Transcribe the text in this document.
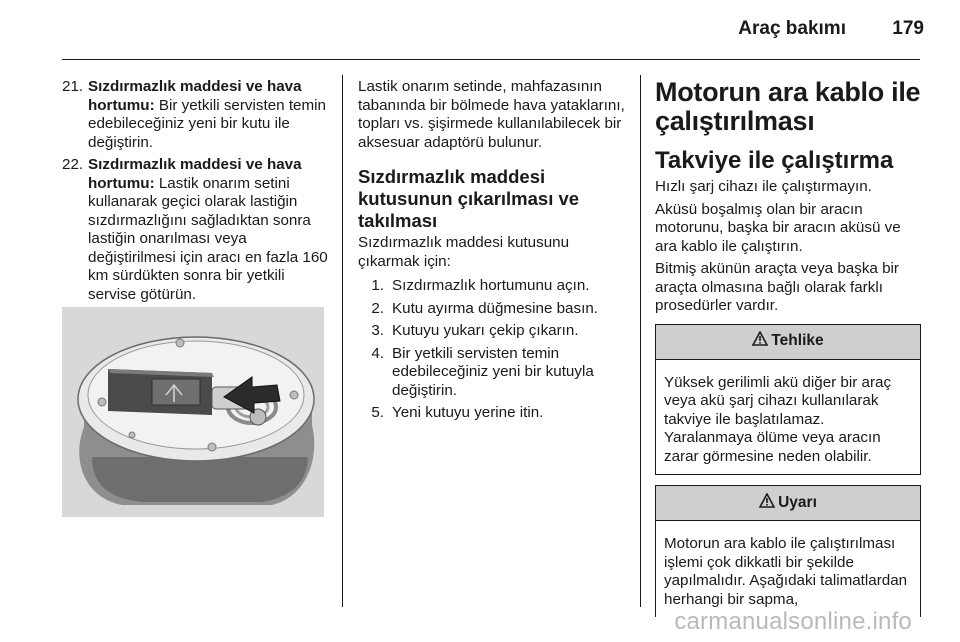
Araç bakımı	179
21. Sızdırmazlık maddesi ve hava hortumu: Bir yetkili servisten temin edebileceğiniz yeni bir kutu ile değiştirin.
22. Sızdırmazlık maddesi ve hava hortumu: Lastik onarım setini kullanarak geçici olarak lastiğin sızdırmazlığını sağladıktan sonra lastiğin onarılması veya değiştirilmesi için aracı en fazla 160 km sürdükten sonra bir yetkili servise götürün.

Lastik onarım setinde, mahfazasının tabanında bir bölmede hava yataklarını, topları vs. şişirmede kullanılabilecek bir aksesuar adaptörü bulunur.

Sızdırmazlık maddesi kutusunun çıkarılması ve takılması

Sızdırmazlık maddesi kutusunu çıkarmak için:

1. Sızdırmazlık hortumunu açın.
2. Kutu ayırma düğmesine basın.
3. Kutuyu yukarı çekip çıkarın.
4. Bir yetkili servisten temin edebileceğiniz yeni bir kutuyla değiştirin.
5. Yeni kutuyu yerine itin.
Motorun ara kablo ile çalıştırılması
Takviye ile çalıştırma

Hızlı şarj cihazı ile çalıştırmayın.

Aküsü boşalmış olan bir aracın motorunu, başka bir aracın aküsü ve ara kablo ile çalıştırın.

Bitmiş akünün araçta veya başka bir araçta olmasına bağlı olarak farklı prosedürler vardır.

Tehlike
Yüksek gerilimli akü diğer bir araç veya akü şarj cihazı kullanılarak takviye ile başlatılamaz. Yaralanmaya ölüme veya aracın zarar görmesine neden olabilir.
Uyarı
Motorun ara kablo ile çalıştırılması işlemi çok dikkatli bir şekilde yapılmalıdır. Aşağıdaki talimatlardan herhangi bir sapma,
carmanualsonline.info
